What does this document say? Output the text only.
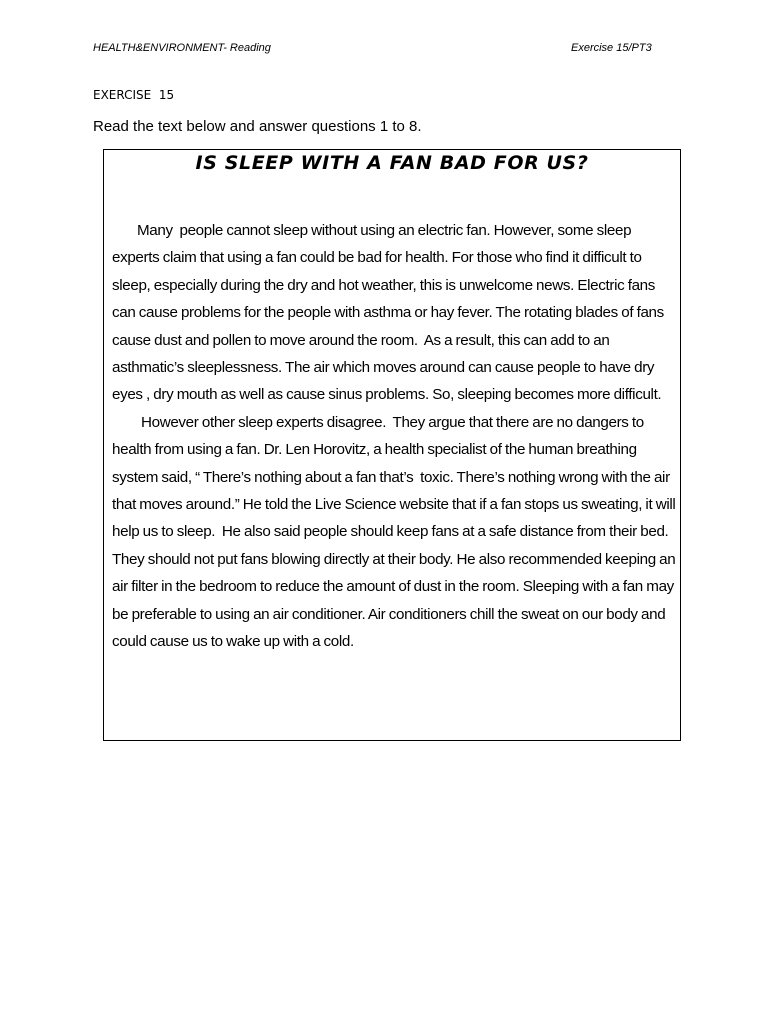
HEALTH&ENVIRONMENT- Reading	Exercise 15/PT3
EXERCISE  15
Read the text below and answer questions 1 to 8.
IS SLEEP WITH A FAN BAD FOR US?

Many  people cannot sleep without using an electric fan. However, some sleep experts claim that using a fan could be bad for health. For those who find it difficult to sleep, especially during the dry and hot weather, this is unwelcome news. Electric fans can cause problems for the people with asthma or hay fever. The rotating blades of fans  cause dust and pollen to move around the room.  As a result, this can add to an asthmatic’s sleeplessness. The air which moves around can cause people to have dry eyes , dry mouth as well as cause sinus problems. So, sleeping becomes more difficult.

However other sleep experts disagree.  They argue that there are no dangers to health from using a fan. Dr. Len Horovitz, a health specialist of the human breathing system said, “ There’s nothing about a fan that’s  toxic. There’s nothing wrong with the air that moves around.” He told the Live Science website that if a fan stops us sweating, it will help us to sleep.  He also said people should keep fans at a safe distance from their bed. They should not put fans blowing directly at their body. He also recommended keeping an air filter in the bedroom to reduce the amount of dust in the room. Sleeping with a fan may be preferable to using an air conditioner. Air conditioners chill the sweat on our body and could cause us to wake up with a cold.
